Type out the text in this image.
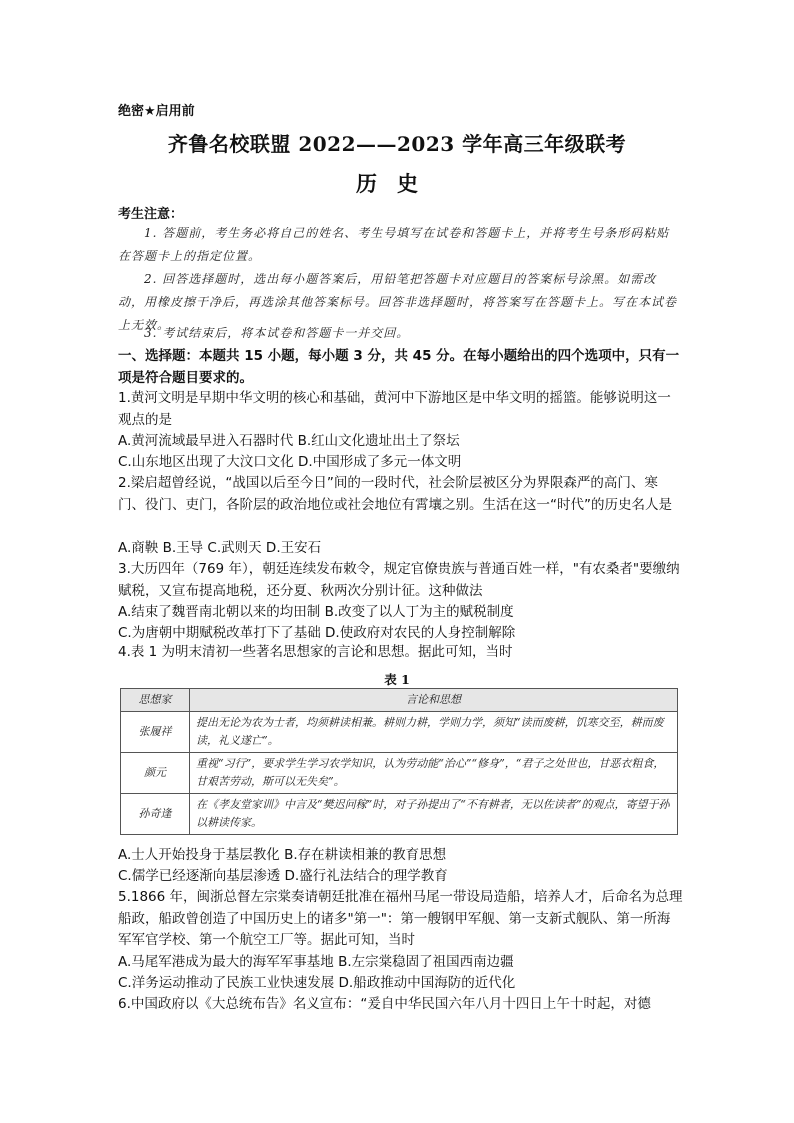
绝密★启用前
齐鲁名校联盟 2022——2023 学年高三年级联考
历史
考生注意：
1. 答题前，考生务必将自己的姓名、考生号填写在试卷和答题卡上，并将考生号条形码粘贴在答题卡上的指定位置。
2. 回答选择题时，选出每小题答案后，用铅笔把答题卡对应题目的答案标号涂黑。如需改动，用橡皮擦干净后，再选涂其他答案标号。回答非选择题时，将答案写在答题卡上。写在本试卷上无效。
3. 考试结束后，将本试卷和答题卡一并交回。
一、选择题：本题共 15 小题，每小题 3 分，共 45 分。在每小题给出的四个选项中，只有一项是符合题目要求的。
1.黄河文明是早期中华文明的核心和基础，黄河中下游地区是中华文明的摇篮。能够说明这一观点的是
A.黄河流域最早进入石器时代 B.红山文化遗址出土了祭坛
C.山东地区出现了大汶口文化 D.中国形成了多元一体文明
2.梁启超曾经说，“战国以后至今日”间的一段时代，社会阶层被区分为界限森严的高门、寒门、役门、吏门，各阶层的政治地位或社会地位有霄壤之别。生活在这一“时代”的历史名人是
A.商鞅 B.王导 C.武则天 D.王安石
3.大历四年（769 年），朝廷连续发布敕令，规定官僚贵族与普通百姓一样，"有农桑者"要缴纳赋税，又宣布提高地税，还分夏、秋两次分别计征。这种做法
A.结束了魏晋南北朝以来的均田制 B.改变了以人丁为主的赋税制度
C.为唐朝中期赋税改革打下了基础 D.使政府对农民的人身控制解除
4.表 1 为明末清初一些著名思想家的言论和思想。据此可知，当时
表 1
思想家	言论和思想
张履祥	提出无论为农为士者，均须耕读相兼。耕则力耕，学则力学，须知“读而废耕，饥寒交至，耕而废读，礼义遂亡”。
颜元	重视“习行”，要求学生学习农学知识，认为劳动能“治心”“修身”，“君子之处世也，甘恶衣粗食，甘艰苦劳动，斯可以无失矣”。
孙奇逢	在《孝友堂家训》中言及“樊迟问稼”时，对子孙提出了“不有耕者，无以佐读者”的观点，寄望于孙以耕读传家。
A.士人开始投身于基层教化 B.存在耕读相兼的教育思想
C.儒学已经逐渐向基层渗透 D.盛行礼法结合的理学教育
5.1866 年，闽浙总督左宗棠奏请朝廷批准在福州马尾一带设局造船，培养人才，后命名为总理船政，船政曾创造了中国历史上的诸多"第一"：第一艘钢甲军舰、第一支新式舰队、第一所海军军官学校、第一个航空工厂等。据此可知，当时
A.马尾军港成为最大的海军军事基地 B.左宗棠稳固了祖国西南边疆
C.洋务运动推动了民族工业快速发展 D.船政推动中国海防的近代化
6.中国政府以《大总统布告》名义宣布：“爰自中华民国六年八月十四日上午十时起，对德
